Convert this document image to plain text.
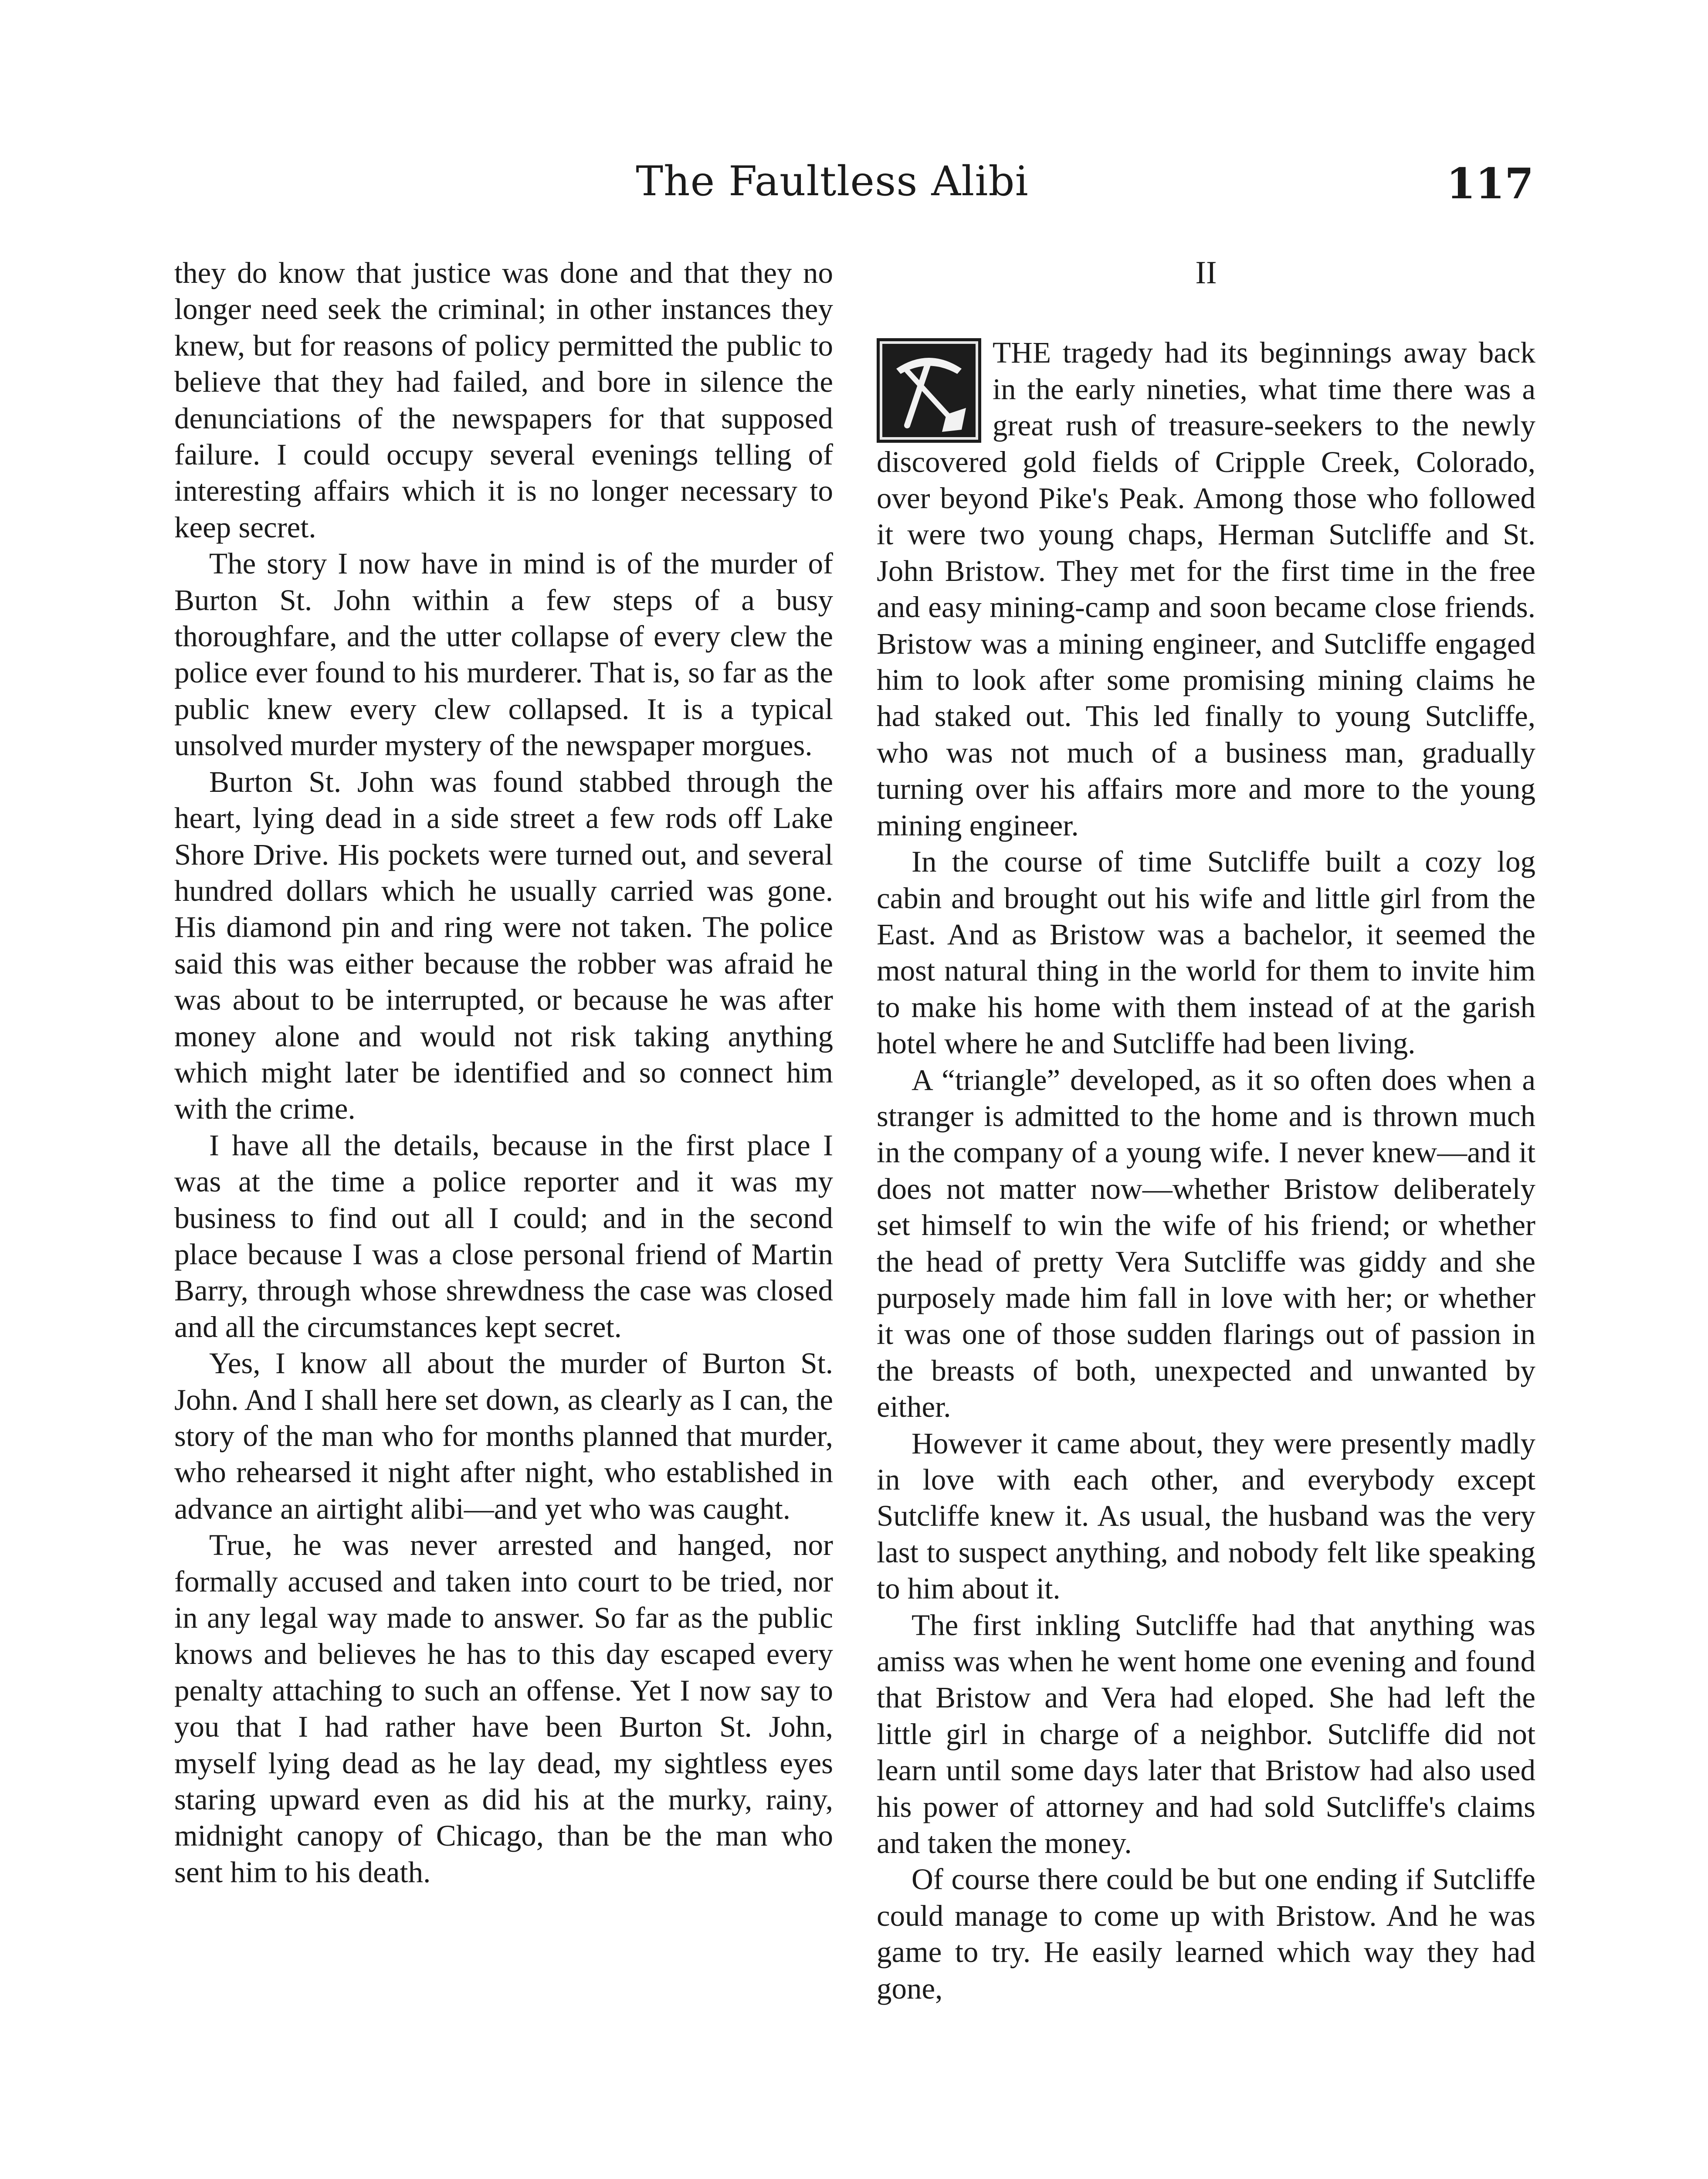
The Faultless Alibi	117

they do know that justice was done and that they no longer need seek the criminal; in other instances they knew, but for reasons of policy permitted the public to believe that they had failed, and bore in silence the denunciations of the newspapers for that supposed failure. I could occupy several evenings telling of interesting affairs which it is no longer necessary to keep secret.

The story I now have in mind is of the murder of Burton St. John within a few steps of a busy thoroughfare, and the utter collapse of every clew the police ever found to his murderer. That is, so far as the public knew every clew collapsed. It is a typical unsolved murder mystery of the newspaper morgues.

Burton St. John was found stabbed through the heart, lying dead in a side street a few rods off Lake Shore Drive. His pockets were turned out, and several hundred dollars which he usually carried was gone. His diamond pin and ring were not taken. The police said this was either because the robber was afraid he was about to be interrupted, or because he was after money alone and would not risk taking anything which might later be identified and so connect him with the crime.

I have all the details, because in the first place I was at the time a police reporter and it was my business to find out all I could; and in the second place because I was a close personal friend of Martin Barry, through whose shrewdness the case was closed and all the circumstances kept secret.

Yes, I know all about the murder of Burton St. John. And I shall here set down, as clearly as I can, the story of the man who for months planned that murder, who rehearsed it night after night, who established in advance an airtight alibi—and yet who was caught.

True, he was never arrested and hanged, nor formally accused and taken into court to be tried, nor in any legal way made to answer. So far as the public knows and believes he has to this day escaped every penalty attaching to such an offense. Yet I now say to you that I had rather have been Burton St. John, myself lying dead as he lay dead, my sightless eyes staring upward even as did his at the murky, rainy, midnight canopy of Chicago, than be the man who sent him to his death.

II

THE tragedy had its beginnings away back in the early nineties, what time there was a great rush of treasure-seekers to the newly discovered gold fields of Cripple Creek, Colorado, over beyond Pike's Peak. Among those who followed it were two young chaps, Herman Sutcliffe and St. John Bristow. They met for the first time in the free and easy mining-camp and soon became close friends. Bristow was a mining engineer, and Sutcliffe engaged him to look after some promising mining claims he had staked out. This led finally to young Sutcliffe, who was not much of a business man, gradually turning over his affairs more and more to the young mining engineer.

In the course of time Sutcliffe built a cozy log cabin and brought out his wife and little girl from the East. And as Bristow was a bachelor, it seemed the most natural thing in the world for them to invite him to make his home with them instead of at the garish hotel where he and Sutcliffe had been living.

A “triangle” developed, as it so often does when a stranger is admitted to the home and is thrown much in the company of a young wife. I never knew—and it does not matter now—whether Bristow deliberately set himself to win the wife of his friend; or whether the head of pretty Vera Sutcliffe was giddy and she purposely made him fall in love with her; or whether it was one of those sudden flarings out of passion in the breasts of both, unexpected and unwanted by either.

However it came about, they were presently madly in love with each other, and everybody except Sutcliffe knew it. As usual, the husband was the very last to suspect anything, and nobody felt like speaking to him about it.

The first inkling Sutcliffe had that anything was amiss was when he went home one evening and found that Bristow and Vera had eloped. She had left the little girl in charge of a neighbor. Sutcliffe did not learn until some days later that Bristow had also used his power of attorney and had sold Sutcliffe's claims and taken the money.

Of course there could be but one ending if Sutcliffe could manage to come up with Bristow. And he was game to try. He easily learned which way they had gone,
